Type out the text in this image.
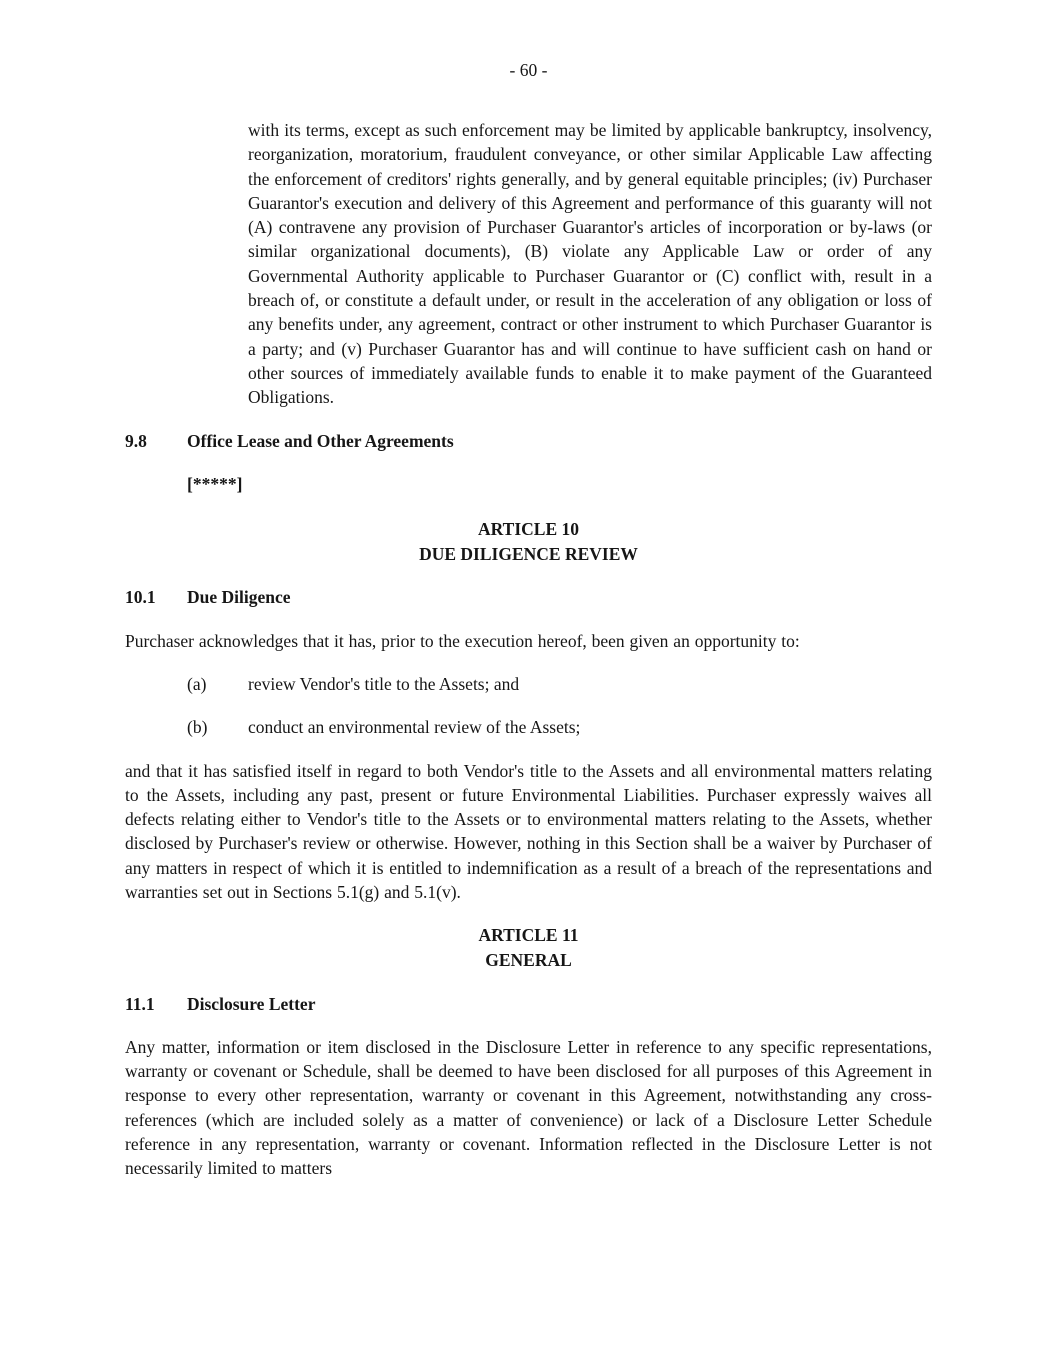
- 60 -

with its terms, except as such enforcement may be limited by applicable bankruptcy, insolvency, reorganization, moratorium, fraudulent conveyance, or other similar Applicable Law affecting the enforcement of creditors' rights generally, and by general equitable principles; (iv) Purchaser Guarantor's execution and delivery of this Agreement and performance of this guaranty will not (A) contravene any provision of Purchaser Guarantor's articles of incorporation or by-laws (or similar organizational documents), (B) violate any Applicable Law or order of any Governmental Authority applicable to Purchaser Guarantor or (C) conflict with, result in a breach of, or constitute a default under, or result in the acceleration of any obligation or loss of any benefits under, any agreement, contract or other instrument to which Purchaser Guarantor is a party; and (v) Purchaser Guarantor has and will continue to have sufficient cash on hand or other sources of immediately available funds to enable it to make payment of the Guaranteed Obligations.

9.8	Office Lease and Other Agreements
[*****]
ARTICLE 10
DUE DILIGENCE REVIEW
10.1	Due Diligence

Purchaser acknowledges that it has, prior to the execution hereof, been given an opportunity to:

(a)	review Vendor's title to the Assets; and
(b)	conduct an environmental review of the Assets;

and that it has satisfied itself in regard to both Vendor's title to the Assets and all environmental matters relating to the Assets, including any past, present or future Environmental Liabilities. Purchaser expressly waives all defects relating either to Vendor's title to the Assets or to environmental matters relating to the Assets, whether disclosed by Purchaser's review or otherwise. However, nothing in this Section shall be a waiver by Purchaser of any matters in respect of which it is entitled to indemnification as a result of a breach of the representations and warranties set out in Sections 5.1(g) and 5.1(v).

ARTICLE 11
GENERAL
11.1	Disclosure Letter

Any matter, information or item disclosed in the Disclosure Letter in reference to any specific representations, warranty or covenant or Schedule, shall be deemed to have been disclosed for all purposes of this Agreement in response to every other representation, warranty or covenant in this Agreement, notwithstanding any cross-references (which are included solely as a matter of convenience) or lack of a Disclosure Letter Schedule reference in any representation, warranty or covenant. Information reflected in the Disclosure Letter is not necessarily limited to matters
